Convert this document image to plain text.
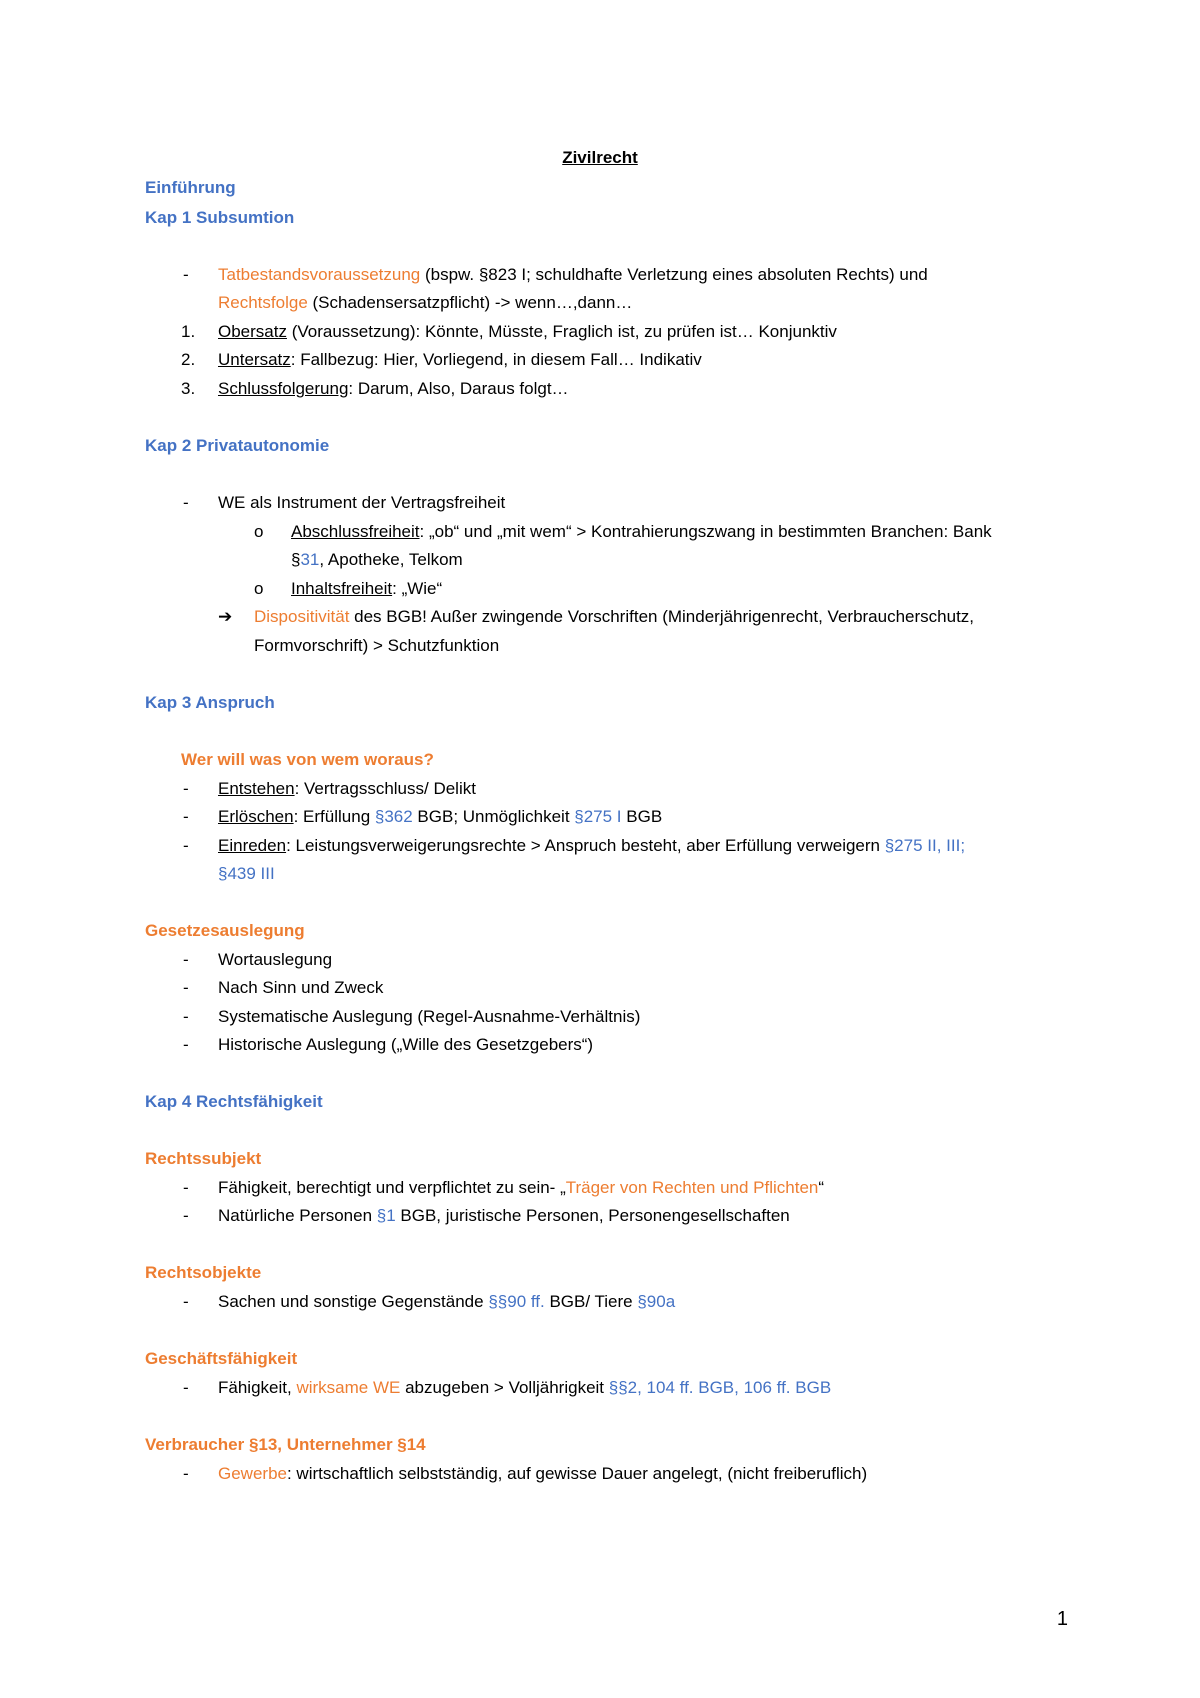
Zivilrecht
Einführung
Kap 1 Subsumtion
- Tatbestandsvoraussetzung (bspw. §823 I; schuldhafte Verletzung eines absoluten Rechts) und
Rechtsfolge (Schadensersatzpflicht) -> wenn…,dann…
1. Obersatz (Voraussetzung): Könnte, Müsste, Fraglich ist, zu prüfen ist… Konjunktiv
2. Untersatz: Fallbezug: Hier, Vorliegend, in diesem Fall… Indikativ
3. Schlussfolgerung: Darum, Also, Daraus folgt…
Kap 2 Privatautonomie
- WE als Instrument der Vertragsfreiheit
o Abschlussfreiheit: „ob“ und „mit wem“ > Kontrahierungszwang in bestimmten Branchen: Bank
§31, Apotheke, Telkom
o Inhaltsfreiheit: „Wie“
➔ Dispositivität des BGB! Außer zwingende Vorschriften (Minderjährigenrecht, Verbraucherschutz,
Formvorschrift) > Schutzfunktion
Kap 3 Anspruch
Wer will was von wem woraus?
- Entstehen: Vertragsschluss/ Delikt
- Erlöschen: Erfüllung §362 BGB; Unmöglichkeit §275 I BGB
- Einreden: Leistungsverweigerungsrechte > Anspruch besteht, aber Erfüllung verweigern §275 II, III;
§439 III
Gesetzesauslegung
- Wortauslegung
- Nach Sinn und Zweck
- Systematische Auslegung (Regel-Ausnahme-Verhältnis)
- Historische Auslegung („Wille des Gesetzgebers“)
Kap 4 Rechtsfähigkeit
Rechtssubjekt
- Fähigkeit, berechtigt und verpflichtet zu sein- „Träger von Rechten und Pflichten“
- Natürliche Personen §1 BGB, juristische Personen, Personengesellschaften
Rechtsobjekte
- Sachen und sonstige Gegenstände §§90 ff. BGB/ Tiere §90a
Geschäftsfähigkeit
- Fähigkeit, wirksame WE abzugeben > Volljährigkeit §§2, 104 ff. BGB, 106 ff. BGB
Verbraucher §13, Unternehmer §14
- Gewerbe: wirtschaftlich selbstständig, auf gewisse Dauer angelegt, (nicht freiberuflich)
1
